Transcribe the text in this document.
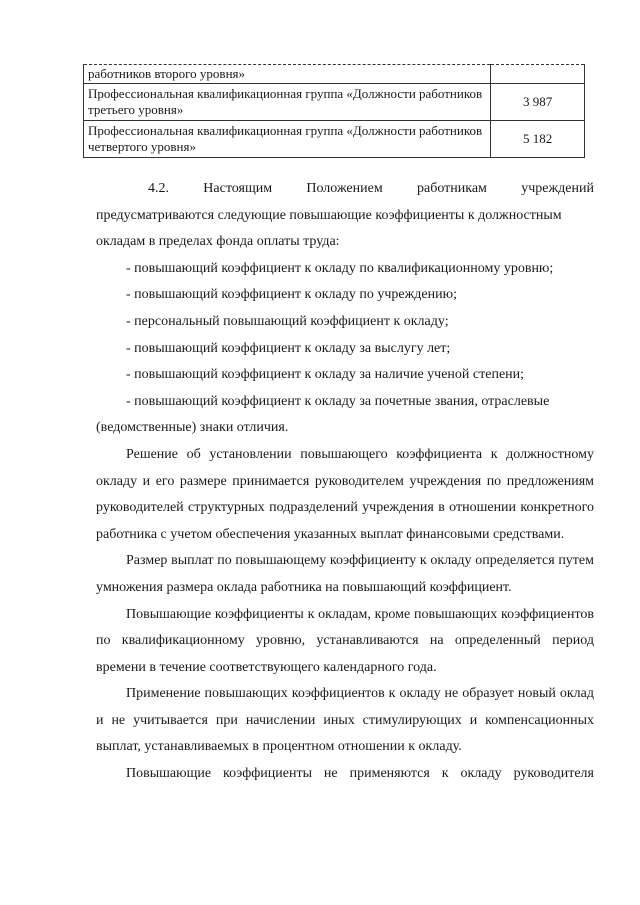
работников второго уровня»	
Профессиональная квалификационная группа «Должности работников третьего уровня»	3 987
Профессиональная квалификационная группа «Должности работников четвертого уровня»	5 182
4.2. Настоящим Положением работникам учреждений

предусматриваются следующие повышающие коэффициенты к должностным

окладам в пределах фонда оплаты труда:

- повышающий коэффициент к окладу по квалификационному уровню;

- повышающий коэффициент к окладу по учреждению;

- персональный повышающий коэффициент к окладу;

- повышающий коэффициент к окладу за выслугу лет;

- повышающий коэффициент к окладу за наличие ученой степени;

- повышающий коэффициент к окладу за почетные звания, отраслевые

(ведомственные) знаки отличия.

Решение об установлении повышающего коэффициента к должностному окладу и его размере принимается руководителем учреждения по предложениям руководителей структурных подразделений учреждения в отношении конкретного работника с учетом обеспечения указанных выплат финансовыми средствами.

Размер выплат по повышающему коэффициенту к окладу определяется путем умножения размера оклада работника на повышающий коэффициент.

Повышающие коэффициенты к окладам, кроме повышающих коэффициентов по квалификационному уровню, устанавливаются на определенный период времени в течение соответствующего календарного года.

Применение повышающих коэффициентов к окладу не образует новый оклад и не учитывается при начислении иных стимулирующих и компенсационных выплат, устанавливаемых в процентном отношении к окладу.

Повышающие коэффициенты не применяются к окладу руководителя
